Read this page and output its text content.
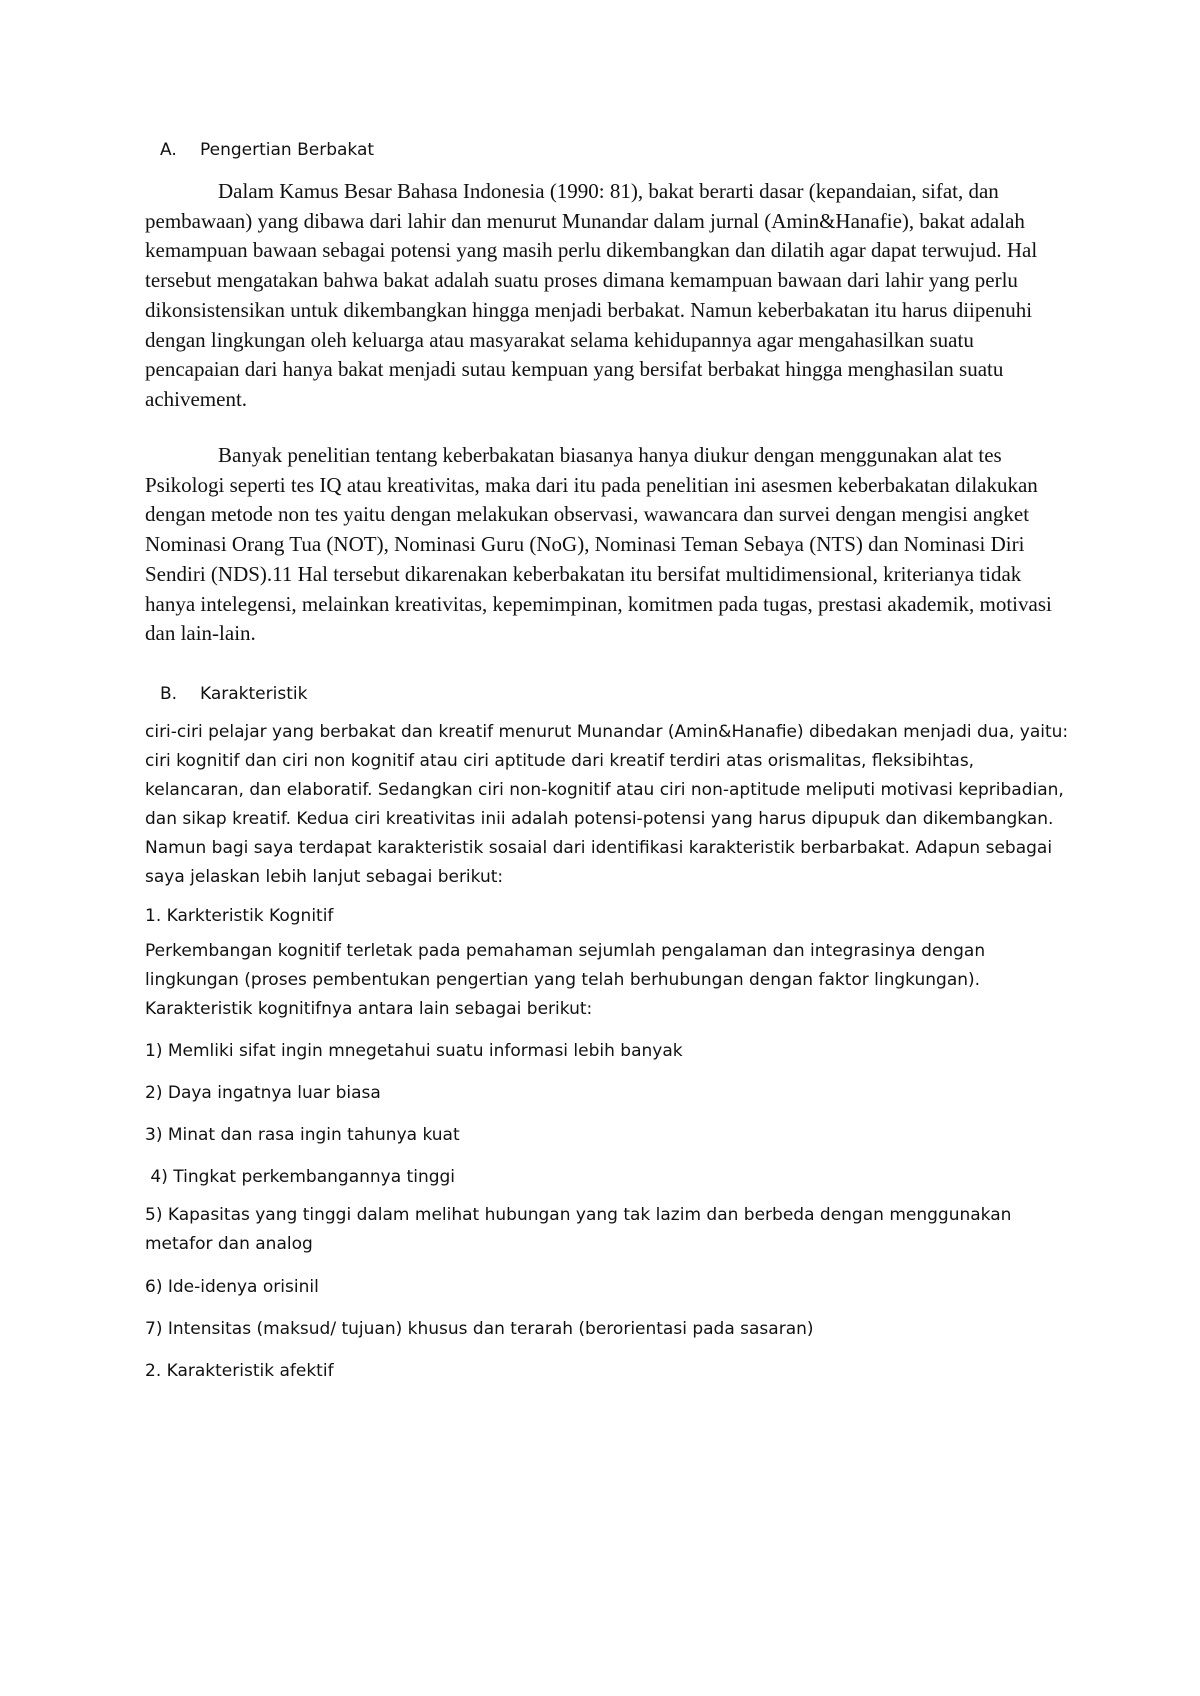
A. Pengertian Berbakat

Dalam Kamus Besar Bahasa Indonesia (1990: 81), bakat berarti dasar (kepandaian, sifat, dan pembawaan) yang dibawa dari lahir dan menurut Munandar dalam jurnal (Amin&Hanafie), bakat adalah kemampuan bawaan sebagai potensi yang masih perlu dikembangkan dan dilatih agar dapat terwujud. Hal tersebut mengatakan bahwa bakat adalah suatu proses dimana kemampuan bawaan dari lahir yang perlu dikonsistensikan untuk dikembangkan hingga menjadi berbakat. Namun keberbakatan itu harus diipenuhi dengan lingkungan oleh keluarga atau masyarakat selama kehidupannya agar mengahasilkan suatu pencapaian dari hanya bakat menjadi sutau kempuan yang bersifat berbakat hingga menghasilan suatu achivement.

Banyak penelitian tentang keberbakatan biasanya hanya diukur dengan menggunakan alat tes Psikologi seperti tes IQ atau kreativitas, maka dari itu pada penelitian ini asesmen keberbakatan dilakukan dengan metode non tes yaitu dengan melakukan observasi, wawancara dan survei dengan mengisi angket Nominasi Orang Tua (NOT), Nominasi Guru (NoG), Nominasi Teman Sebaya (NTS) dan Nominasi Diri Sendiri (NDS).11 Hal tersebut dikarenakan keberbakatan itu bersifat multidimensional, kriterianya tidak hanya intelegensi, melainkan kreativitas, kepemimpinan, komitmen pada tugas, prestasi akademik, motivasi dan lain-lain.

B. Karakteristik

ciri-ciri pelajar yang berbakat dan kreatif menurut Munandar (Amin&Hanafie) dibedakan menjadi dua, yaitu: ciri kognitif dan ciri non kognitif atau ciri aptitude dari kreatif terdiri atas orismalitas, fleksibihtas, kelancaran, dan elaboratif. Sedangkan ciri non-kognitif atau ciri non-aptitude meliputi motivasi kepribadian, dan sikap kreatif. Kedua ciri kreativitas inii adalah potensi-potensi yang harus dipupuk dan dikembangkan. Namun bagi saya terdapat karakteristik sosaial dari identifikasi karakteristik berbarbakat. Adapun sebagai saya jelaskan lebih lanjut sebagai berikut:

1. Karkteristik Kognitif

Perkembangan kognitif terletak pada pemahaman sejumlah pengalaman dan integrasinya dengan lingkungan (proses pembentukan pengertian yang telah berhubungan dengan faktor lingkungan). Karakteristik kognitifnya antara lain sebagai berikut:

1) Memliki sifat ingin mnegetahui suatu informasi lebih banyak
2) Daya ingatnya luar biasa
3) Minat dan rasa ingin tahunya kuat
4) Tingkat perkembangannya tinggi

5) Kapasitas yang tinggi dalam melihat hubungan yang tak lazim dan berbeda dengan menggunakan metafor dan analog

6) Ide-idenya orisinil
7) Intensitas (maksud/ tujuan) khusus dan terarah (berorientasi pada sasaran)
2. Karakteristik afektif
